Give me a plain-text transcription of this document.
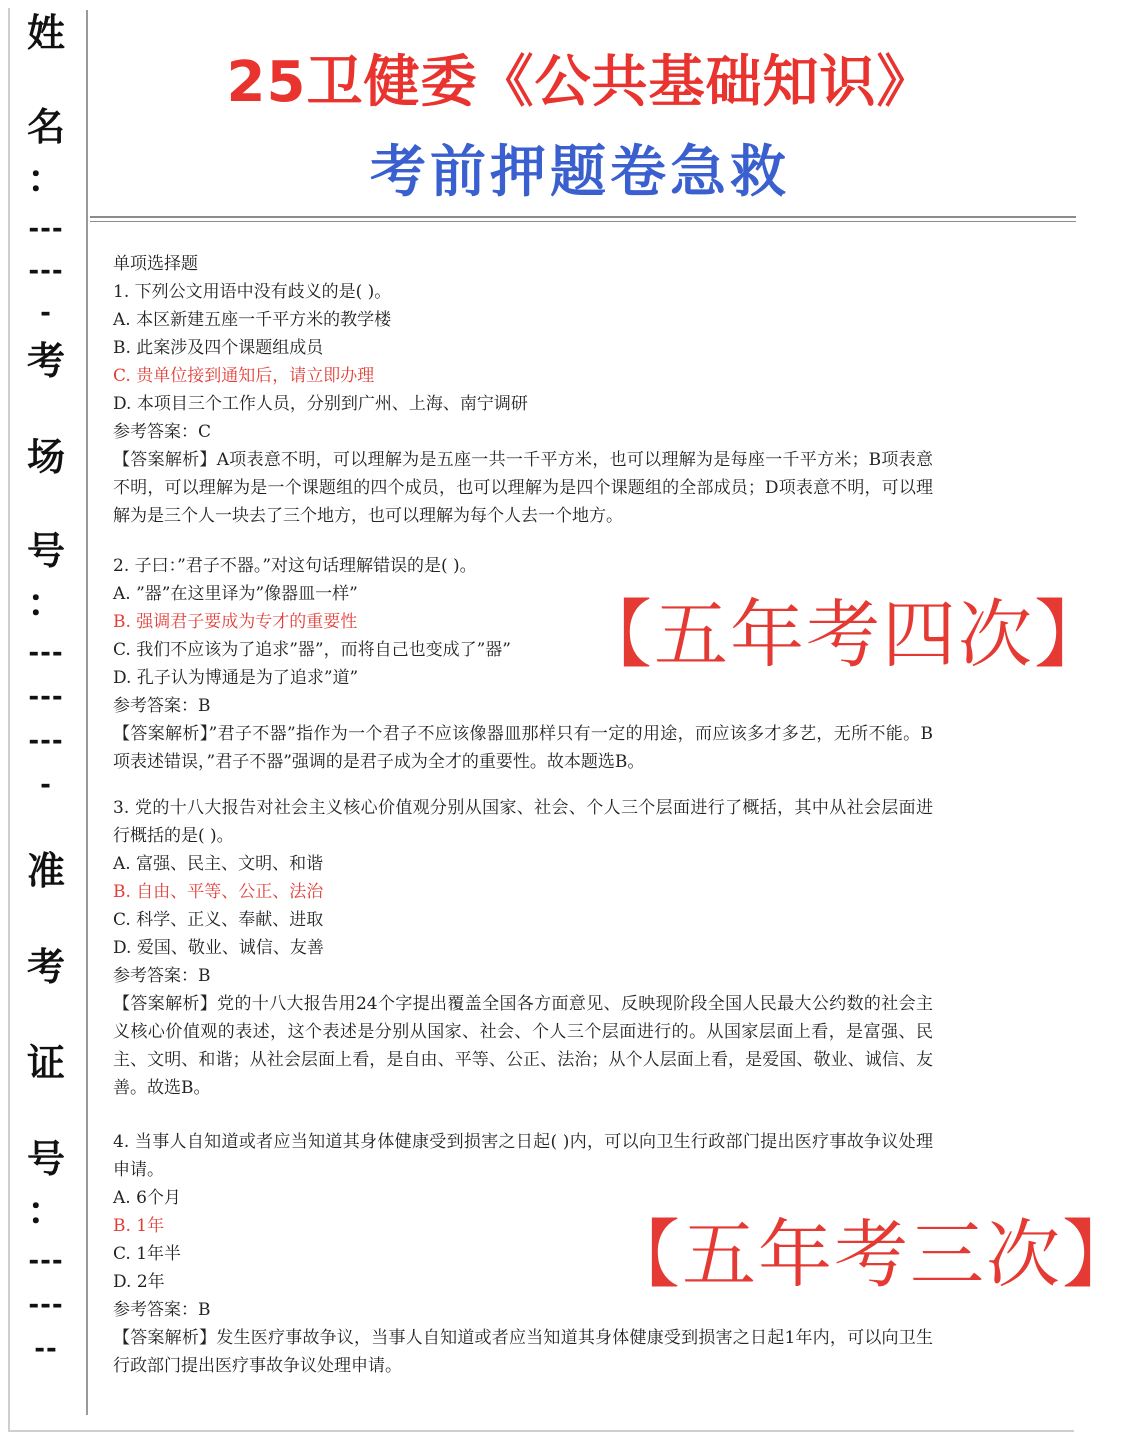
姓
名
：
---
---
-
考
场
号
：
---
---
---
-
准
考
证
号
：
---
---
--
25卫健委《公共基础知识》
考前押题卷急救
单项选择题
1. 下列公文用语中没有歧义的是( )。
A. 本区新建五座一千平方米的教学楼
B. 此案涉及四个课题组成员
C. 贵单位接到通知后，请立即办理
D. 本项目三个工作人员，分别到广州、上海、南宁调研
参考答案：C
【答案解析】A项表意不明，可以理解为是五座一共一千平方米，也可以理解为是每座一千平方米；B项表意不明，可以理解为是一个课题组的四个成员，也可以理解为是四个课题组的全部成员；D项表意不明，可以理解为是三个人一块去了三个地方，也可以理解为每个人去一个地方。
2. 子曰：”君子不器。”对这句话理解错误的是( )。
A. ”器”在这里译为”像器皿一样”
B. 强调君子要成为专才的重要性
C. 我们不应该为了追求”器”，而将自己也变成了”器”
D. 孔子认为博通是为了追求”道”
参考答案：B
【答案解析】”君子不器”指作为一个君子不应该像器皿那样只有一定的用途，而应该多才多艺，无所不能。B项表述错误，”君子不器”强调的是君子成为全才的重要性。故本题选B。
3. 党的十八大报告对社会主义核心价值观分别从国家、社会、个人三个层面进行了概括，其中从社会层面进行概括的是( )。
A. 富强、民主、文明、和谐
B. 自由、平等、公正、法治
C. 科学、正义、奉献、进取
D. 爱国、敬业、诚信、友善
参考答案：B
【答案解析】党的十八大报告用24个字提出覆盖全国各方面意见、反映现阶段全国人民最大公约数的社会主义核心价值观的表述，这个表述是分别从国家、社会、个人三个层面进行的。从国家层面上看，是富强、民主、文明、和谐；从社会层面上看，是自由、平等、公正、法治；从个人层面上看，是爱国、敬业、诚信、友善。故选B。
4. 当事人自知道或者应当知道其身体健康受到损害之日起( )内，可以向卫生行政部门提出医疗事故争议处理申请。
A. 6个月
B. 1年
C. 1年半
D. 2年
参考答案：B
【答案解析】发生医疗事故争议，当事人自知道或者应当知道其身体健康受到损害之日起1年内，可以向卫生行政部门提出医疗事故争议处理申请。
【五年考四次】
【五年考三次】
